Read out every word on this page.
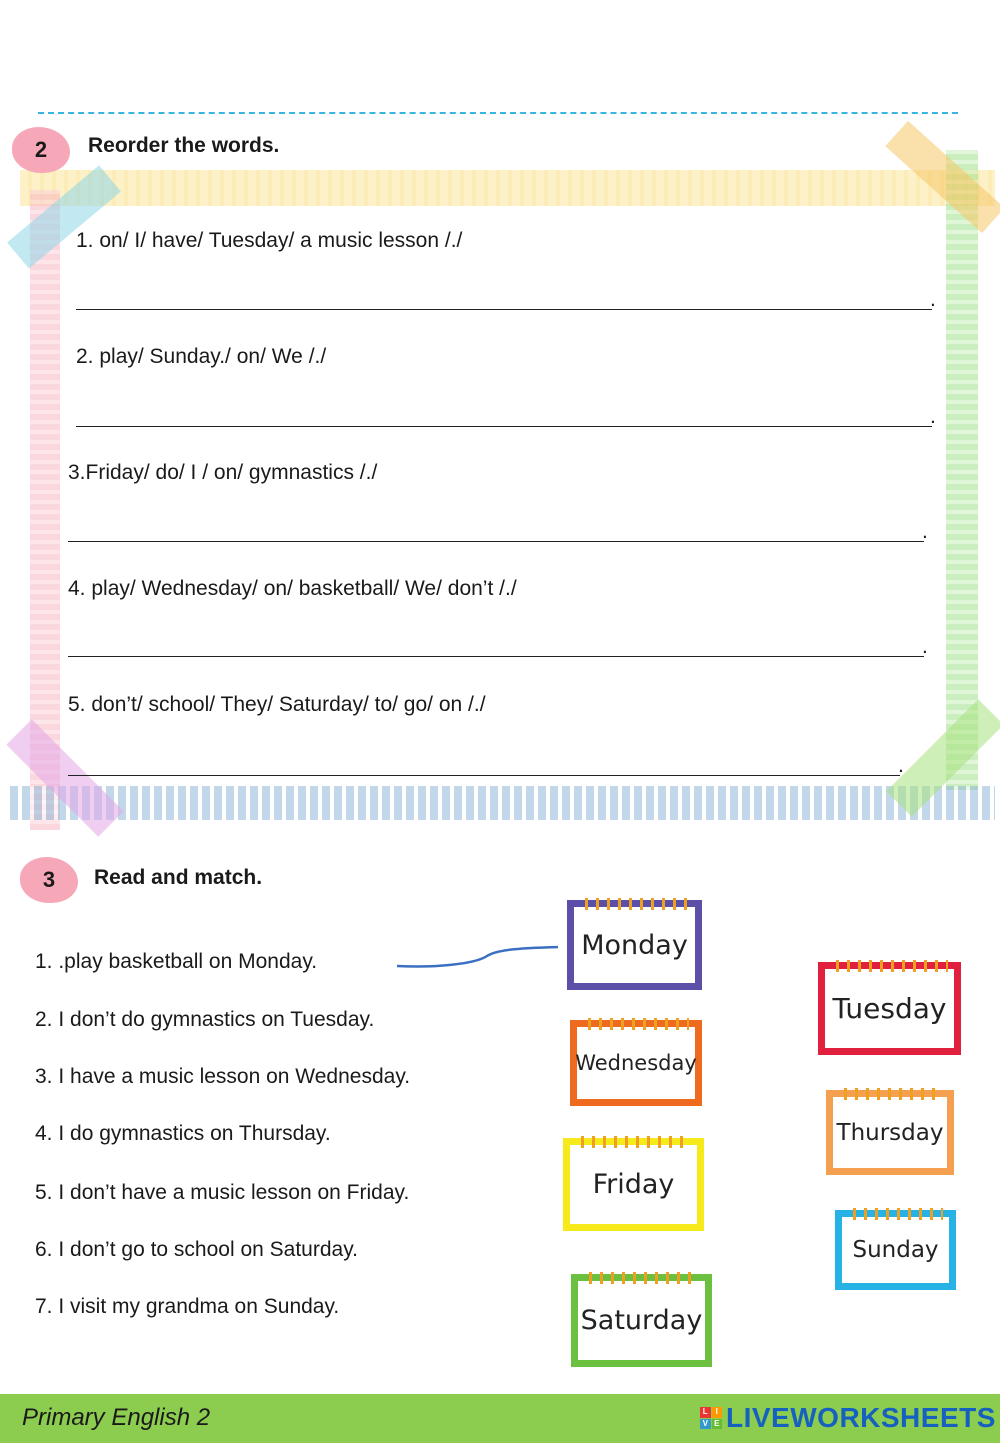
2 Reorder the words.
1. on/ I/ have/ Tuesday/ a music lesson /./
.
2. play/ Sunday./ on/ We /./
.
3.Friday/ do/ I / on/ gymnastics /./
.
4. play/ Wednesday/ on/ basketball/ We/ don’t /./
.
5. don’t/ school/ They/ Saturday/ to/ go/ on /./
.
3 Read and match.
1. .play basketball on Monday.
2. I don’t do gymnastics on Tuesday.
3. I have a music lesson on Wednesday.
4. I do gymnastics on Thursday.
5. I don’t have a music lesson on Friday.
6. I don’t go to school on Saturday.
7. I visit my grandma on Sunday.
Monday
Tuesday
Wednesday
Thursday
Friday
Sunday
Saturday
Primary English 2	L I
V E LIVEWORKSHEETS
